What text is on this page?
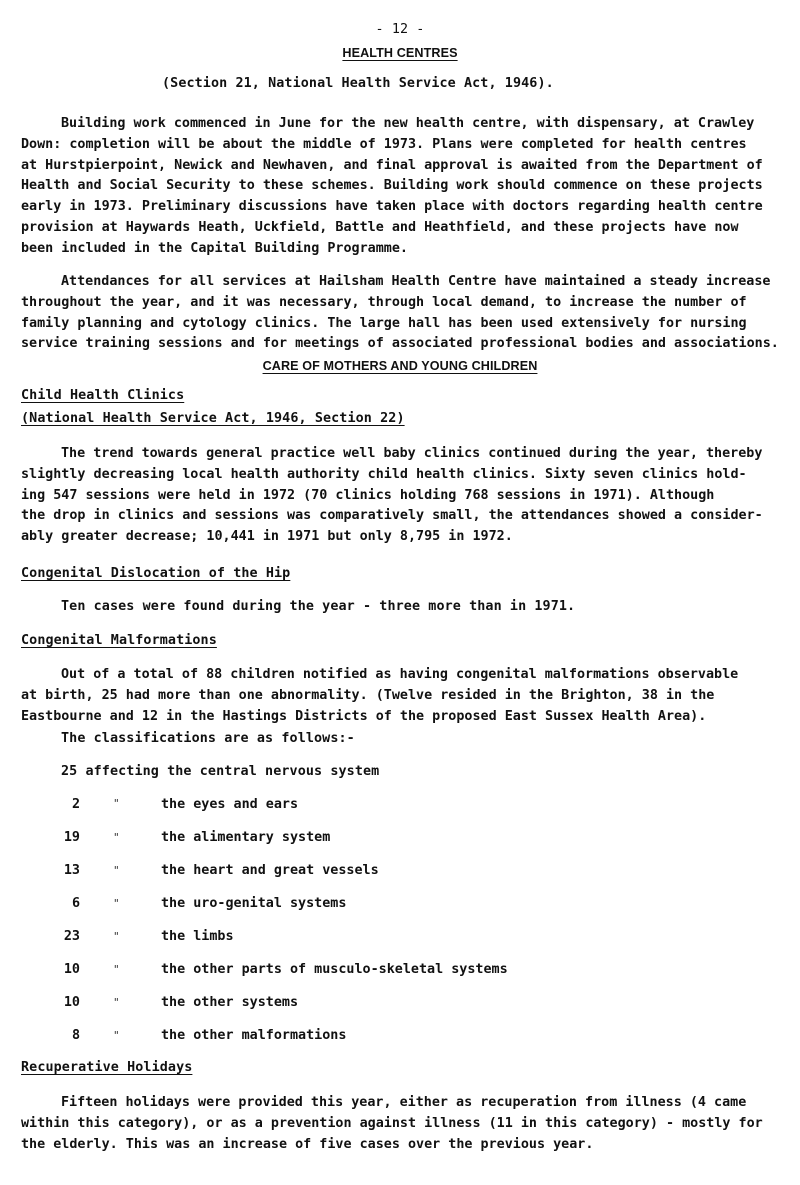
- 12 -
HEALTH CENTRES
(Section 21, National Health Service Act, 1946).
Building work commenced in June for the new health centre, with dispensary, at Crawley
Down: completion will be about the middle of 1973. Plans were completed for health centres
at Hurstpierpoint, Newick and Newhaven, and final approval is awaited from the Department of
Health and Social Security to these schemes. Building work should commence on these projects
early in 1973. Preliminary discussions have taken place with doctors regarding health centre
provision at Haywards Heath, Uckfield, Battle and Heathfield, and these projects have now
been included in the Capital Building Programme.
Attendances for all services at Hailsham Health Centre have maintained a steady increase
throughout the year, and it was necessary, through local demand, to increase the number of
family planning and cytology clinics. The large hall has been used extensively for nursing
service training sessions and for meetings of associated professional bodies and associations.
CARE OF MOTHERS AND YOUNG CHILDREN
Child Health Clinics
(National Health Service Act, 1946, Section 22)
The trend towards general practice well baby clinics continued during the year, thereby
slightly decreasing local health authority child health clinics. Sixty seven clinics hold-
ing 547 sessions were held in 1972 (70 clinics holding 768 sessions in 1971). Although
the drop in clinics and sessions was comparatively small, the attendances showed a consider-
ably greater decrease; 10,441 in 1971 but only 8,795 in 1972.
Congenital Dislocation of the Hip
Ten cases were found during the year - three more than in 1971.
Congenital Malformations
Out of a total of 88 children notified as having congenital malformations observable
at birth, 25 had more than one abnormality. (Twelve resided in the Brighton, 38 in the
Eastbourne and 12 in the Hastings Districts of the proposed East Sussex Health Area).
The classifications are as follows:-
25 affecting the central nervous system
2	"	the eyes and ears
19	"	the alimentary system
13	"	the heart and great vessels
6	"	the uro-genital systems
23	"	the limbs
10	"	the other parts of musculo-skeletal systems
10	"	the other systems
8	"	the other malformations
Recuperative Holidays
Fifteen holidays were provided this year, either as recuperation from illness (4 came
within this category), or as a prevention against illness (11 in this category) - mostly for
the elderly. This was an increase of five cases over the previous year.
